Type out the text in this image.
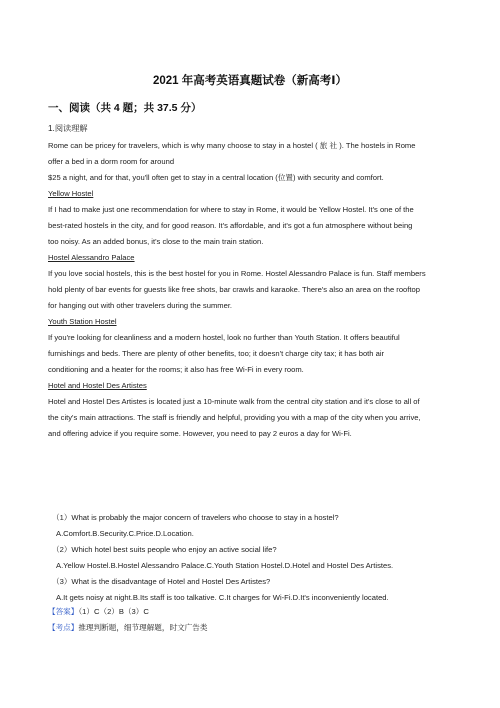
2021 年高考英语真题试卷（新高考Ⅰ）
一、阅读（共 4 题；共 37.5 分）
1.阅读理解

Rome can be pricey for travelers, which is why many choose to stay in a hostel ( 旅 社 ). The hostels in Rome

offer a bed in a dorm room for around

$25 a night, and for that, you'll often get to stay in a central location (位置) with security and comfort.

Yellow Hostel

If I had to make just one recommendation for where to stay in Rome, it would be Yellow Hostel. It's one of the

best-rated hostels in the city, and for good reason. It's affordable, and it's got a fun atmosphere without being

too noisy. As an added bonus, it's close to the main train station.

Hostel Alessandro Palace

If you love social hostels, this is the best hostel for you in Rome. Hostel Alessandro Palace is fun. Staff members

hold plenty of bar events for guests like free shots, bar crawls and karaoke. There's also an area on the rooftop

for hanging out with other travelers during the summer.

Youth Station Hostel

If you're looking for cleanliness and a modern hostel, look no further than Youth Station. It offers beautiful

furnishings and beds. There are plenty of other benefits, too; it doesn't charge city tax; it has both air

conditioning and a heater for the rooms; it also has free Wi-Fi in every room.

Hotel and Hostel Des Artistes

Hotel and Hostel Des Artistes is located just a 10-minute walk from the central city station and it's close to all of

the city's main attractions. The staff is friendly and helpful, providing you with a map of the city when you arrive,

and offering advice if you require some. However, you need to pay 2 euros a day for Wi-Fi.

（1）What is probably the major concern of travelers who choose to stay in a hostel?

A.Comfort.B.Security.C.Price.D.Location.

（2）Which hotel best suits people who enjoy an active social life?

A.Yellow Hostel.B.Hostel Alessandro Palace.C.Youth Station Hostel.D.Hotel and Hostel Des Artistes.

（3）What is the disadvantage of Hotel and Hostel Des Artistes?

A.It gets noisy at night.B.Its staff is too talkative. C.It charges for Wi-Fi.D.It's inconveniently located.

【答案】（1）C（2）B（3）C

【考点】推理判断题，细节理解题，时文广告类
